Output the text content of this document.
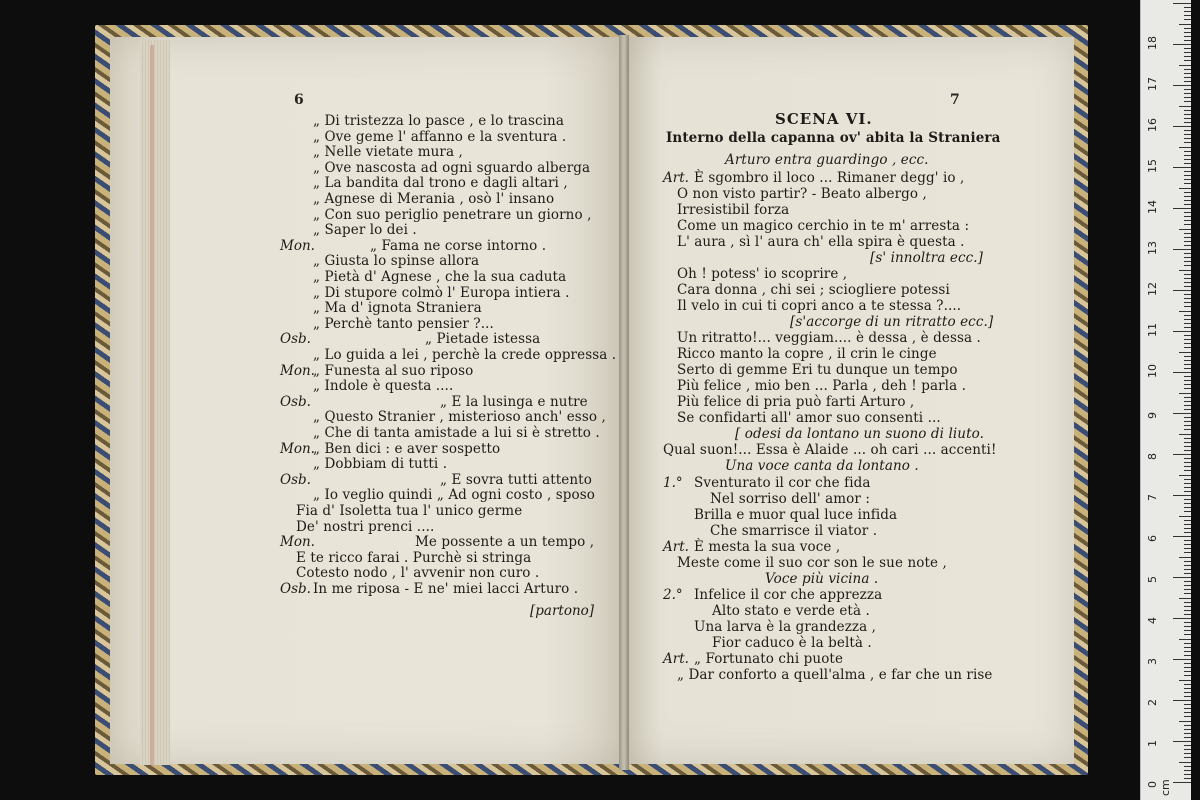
6
„ Di tristezza lo pasce , e lo trascina
„ Ove geme l' affanno e la sventura .
„ Nelle vietate mura ,
„ Ove nascosta ad ogni sguardo alberga
„ La bandita dal trono e dagli altari ,
„ Agnese di Merania , osò l' insano
„ Con suo periglio penetrare un giorno ,
„ Saper lo dei .
Mon.	„ Fama ne corse intorno .
„ Giusta lo spinse allora
„ Pietà d' Agnese , che la sua caduta
„ Di stupore colmò l' Europa intiera .
„ Ma d' ignota Straniera
„ Perchè tanto pensier ?...
Osb.	„ Pietade istessa
„ Lo guida a lei , perchè la crede oppressa .
Mon.
„ Funesta al suo riposo
„ Indole è questa ....
Osb.	„ E la lusinga e nutre
„ Questo Stranier , misterioso anch' esso ,
„ Che di tanta amistade a lui si è stretto .
Mon.
„ Ben dici : e aver sospetto
„ Dobbiam di tutti .
Osb.	„ E sovra tutti attento
„ Io veglio quindi „ Ad ogni costo , sposo
Fia d' Isoletta tua l' unico germe
De' nostri prenci ....
Mon.	Me possente a un tempo ,
E te ricco farai . Purchè si stringa
Cotesto nodo , l' avvenir non curo .
Osb. In me riposa - E ne' miei lacci Arturo .
[partono]
7
SCENA VI.
Interno della capanna ov' abita la Straniera
Arturo entra guardingo , ecc.
Art. È sgombro il loco ... Rimaner degg' io ,
O non visto partir? - Beato albergo ,
Irresistibil forza
Come un magico cerchio in te m' arresta :
L' aura , sì l' aura ch' ella spira è questa .
[s' innoltra ecc.]
Oh ! potess' io scoprire ,
Cara donna , chi sei ; sciogliere potessi
Il velo in cui ti copri anco a te stessa ?....
[s'accorge di un ritratto ecc.]
Un ritratto!... veggiam.... è dessa , è dessa .
Ricco manto la copre , il crin le cinge
Serto di gemme Eri tu dunque un tempo
Più felice , mio ben ... Parla , deh ! parla .
Più felice di pria può farti Arturo ,
Se confidarti all' amor suo consenti ...
[ odesi da lontano un suono di liuto.
Qual suon!... Essa è Alaide ... oh cari ... accenti!
Una voce canta da lontano .
1.° Sventurato il cor che fida
Nel sorriso dell' amor :
Brilla e muor qual luce infida
Che smarrisce il viator .
Art. È mesta la sua voce ,
Meste come il suo cor son le sue note ,
Voce più vicina .
2.° Infelice il cor che apprezza
Alto stato e verde età .
Una larva è la grandezza ,
Fior caduco è la beltà .
Art. „ Fortunato chi puote
„ Dar conforto a quell'alma , e far che un rise
0
1
2
3
4
5
6
7
8
9
10
11
12
13
14
15
16
17
18
cm
